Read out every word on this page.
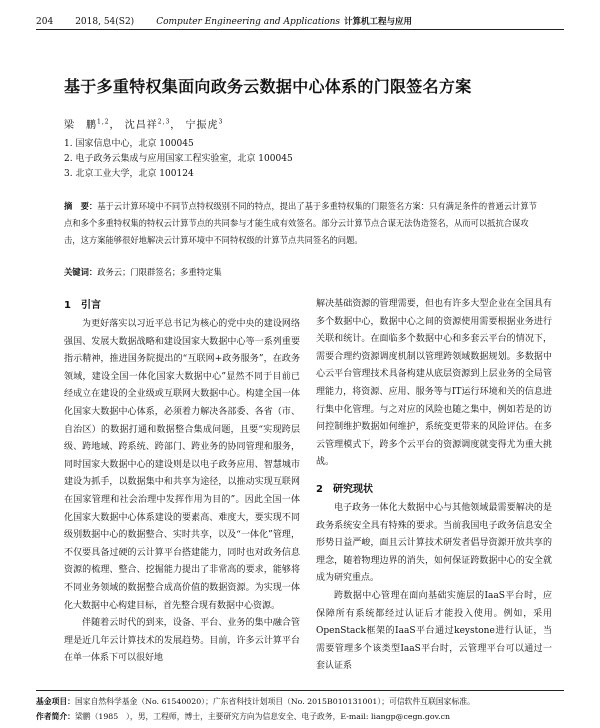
204 2018, 54(S2) Computer Engineering and Applications 计算机工程与应用
基于多重特权集面向政务云数据中心体系的门限签名方案
梁　鹏$^{1,2}$， 沈昌祥$^{2,3}$， 宁振虎$^3$
1. 国家信息中心，北京 100045
2. 电子政务云集成与应用国家工程实验室，北京 100045
3. 北京工业大学，北京 100124
摘　要：基于云计算环境中不同节点特权级别不同的特点，提出了基于多重特权集的门限签名方案：只有满足条件的普通云计算节点和多个多重特权集的特权云计算节点的共同参与才能生成有效签名。部分云计算节点合谋无法伪造签名，从而可以抵抗合谋攻击，这方案能够很好地解决云计算环境中不同特权级的计算节点共同签名的问题。
关键词：政务云；门限群签名；多重特定集
1　引言

为更好落实以习近平总书记为核心的党中央的建设网络强国、发展大数据战略和建设国家大数据中心等一系列重要指示精神，推进国务院提出的“互联网+政务服务”，在政务领域，建设全国一体化国家大数据中心”显然不同于目前已经成立在建设的全业级或互联网大数据中心。构建全国一体化国家大数据中心体系，必须着力解决各部委、各省（市、自治区）的数据打通和数据整合集成问题，且要“实现跨层级、跨地域、跨系统、跨部门、跨业务的协同管理和服务，同时国家大数据中心的建设则是以电子政务应用、智慧城市建设为抓手，以数据集中和共享为途径，以推动实现互联网在国家管理和社会治理中发挥作用为目的”。因此全国一体化国家大数据中心体系建设的要素高、难度大，要实现不同级别数据中心的数据整合、实时共享，以及“一体化”管理，不仅要具备过硬的云计算平台搭建能力，同时也对政务信息资源的梳理、整合、挖掘能力提出了非常高的要求，能够将不同业务领域的数据整合成高价值的数据资源。为实现一体化大数据中心构建目标，首先整合现有数据中心资源。

伴随着云时代的到来，设备、平台、业务的集中融合管理是近几年云计算技术的发展趋势。目前，许多云计算平台在单一体系下可以很好地

解决基础资源的管理需要，但也有许多大型企业在全国具有多个数据中心，数据中心之间的资源使用需要根据业务进行关联和统计。在面临多个数据中心和多套云平台的情况下，需要合理约资源调度机制以管理跨领域数据规划。多数据中心云平台管理技术具备构建从底层资源到上层业务的全局管理能力，将资源、应用、服务等与IT运行环境和关的信息进行集中化管理。与之对应的风险也随之集中，例如若是的访问控制维护数据如何维护，系统变更带来的风险评估。在多云管理模式下，跨多个云平台的资源调度就变得尤为重大挑战。

2　研究现状

电子政务一体化大数据中心与其他领域最需要解决的是政务系统安全具有特殊的要求。当前我国电子政务信息安全形势日益严峻，面且云计算技术研发者倡导资源开放共享的理念，随着物理边界的消失，如何保证跨数据中心的安全就成为研究重点。

跨数据中心管理在面向基础实施层的IaaS平台时，应保障所有系统都经过认证后才能投入使用。例如，采用OpenStack框架的IaaS平台通过keystone进行认证，当需要管理多个该类型IaaS平台时，云管理平台可以通过一套认证系

基金项目：国家自然科学基金（No. 61540020）；广东省科技计划项目（No. 2015B010131001）；可信软件互联国家标准。
作者简介：梁鹏（1985　），男，工程师，博士，主要研究方向为信息安全、电子政务，E-mail: liangp@cegn.gov.cn
